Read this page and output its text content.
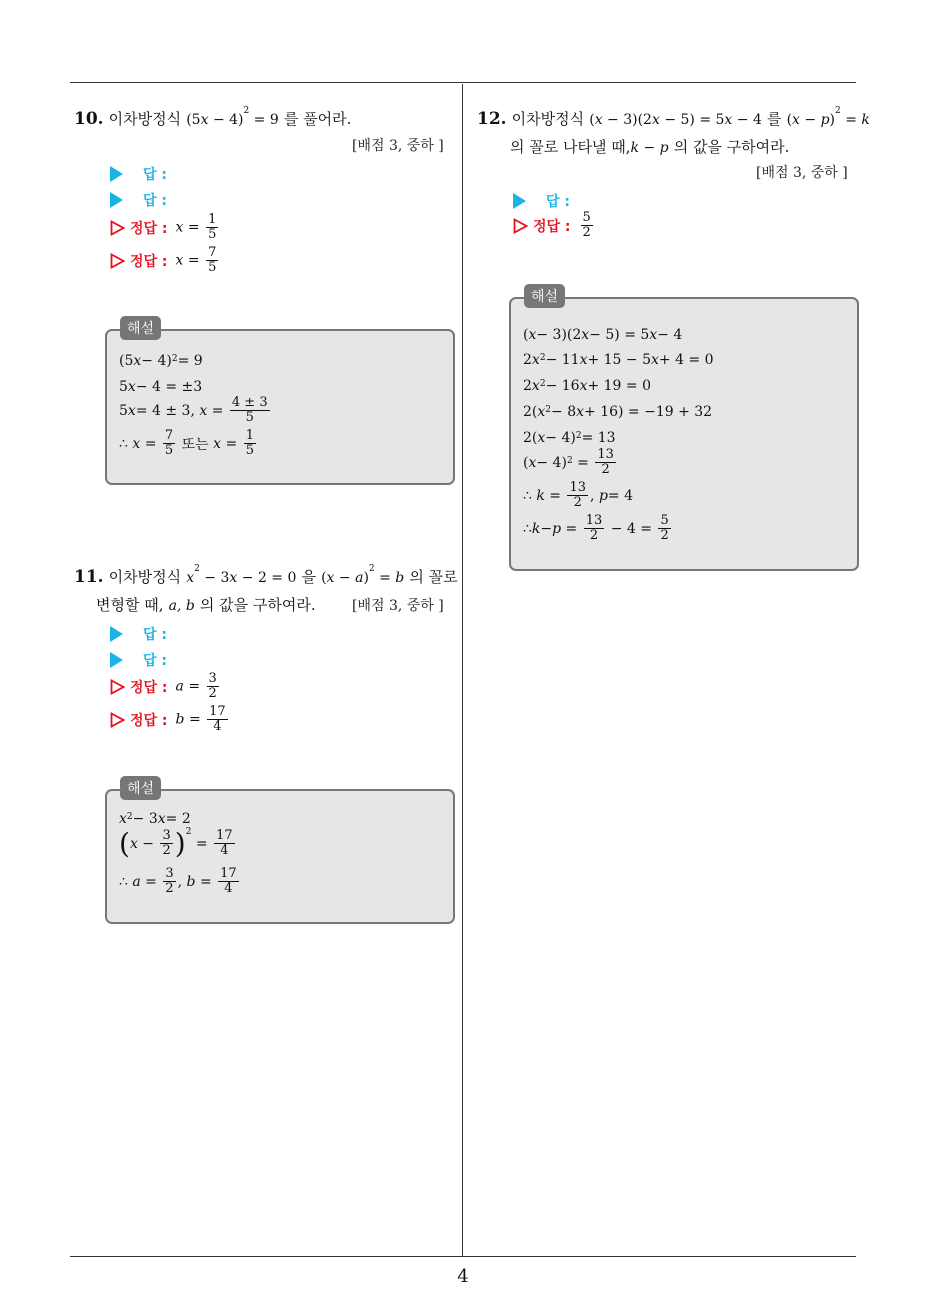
10. 이차방정식 $(5x - 4)^2 = 9$ 를 풀어라.
[배점 3, 중하 ]
답 :
답 :
정답 : $x = \frac{1}{5}$
정답 : $x = \frac{7}{5}$
(5 x − 4)$^2$ = 9
5 x − 4 = ±3
5 x = 4 ± 3, $x = \frac{4 \pm 3}{5}$
∴ $x = \frac{7}{5}$
또는
$x = \frac{1}{5}$
해설
11. 이차방정식 $x^2 - 3x - 2 = 0$ 을 $(x - a)^2 = b$ 의 꼴로
변형할 때, a, b 의 값을 구하여라.	[배점 3, 중하 ]
답 :
답 :
정답 : $a = \frac{3}{2}$
정답 : $b = \frac{17}{4}$
$x^2 - 3$ x = 2
( $x - \frac{3}{2} )^2$
= $\frac{17}{4}$
∴ $a = \frac{3}{2}$ , $b = \frac{17}{4}$
해설
12. 이차방정식 (x − 3)(2x − 5) = 5x − 4 를 $(x - p)^2 = k$
의 꼴로 나타낼 때,k − p 의 값을 구하여라.
[배점 3, 중하 ]
답 :
정답 : $\frac{5}{2}$
( x − 3)(2 x − 5) = 5 x − 4
2 $x^2 - 11$ x + 15 − 5 x + 4 = 0
2 $x^2 - 16$ x + 19 = 0
2( $x^2 - 8$ x + 16) = −19 + 32
2( x − 4)$^2$ = 13
( $x - 4)^2 = \frac{13}{2}$
∴ $k = \frac{13}{2}$ , p = 4
∴ $k - p = \frac{13}{2} - 4 = \frac{5}{2}$
해설
4
